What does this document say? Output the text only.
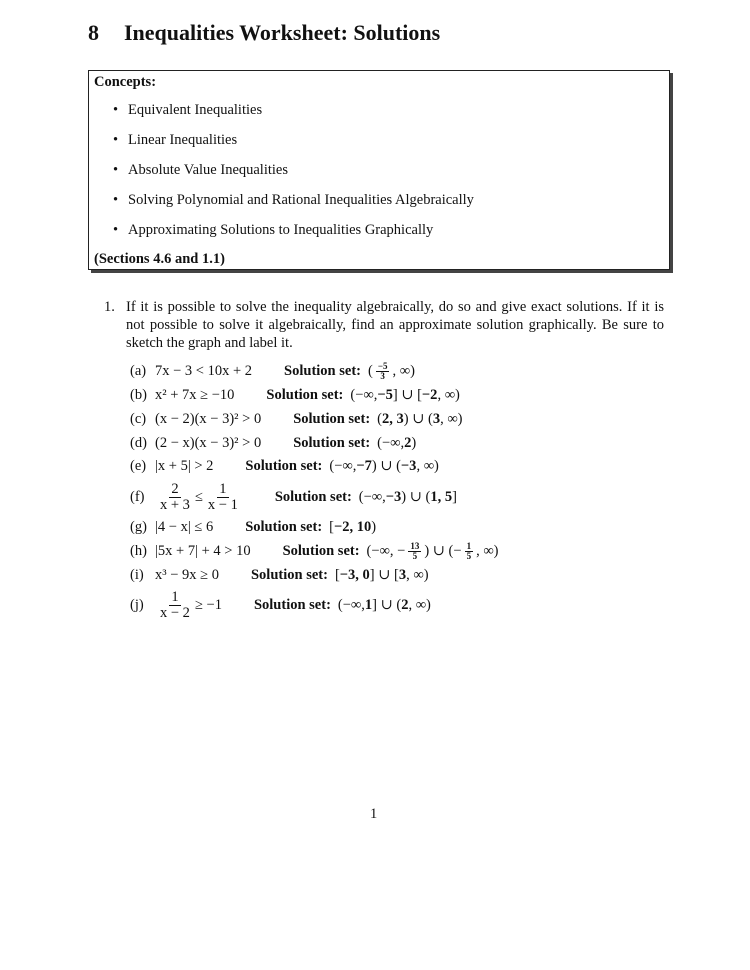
8 Inequalities Worksheet: Solutions
Concepts:
• Equivalent Inequalities
• Linear Inequalities
• Absolute Value Inequalities
• Solving Polynomial and Rational Inequalities Algebraically
• Approximating Solutions to Inequalities Graphically
(Sections 4.6 and 1.1)
1. If it is possible to solve the inequality algebraically, do so and give exact solutions. If it is not possible to solve it algebraically, find an approximate solution graphically. Be sure to sketch the graph and label it.
(a) 7x − 3 < 10x + 2 Solution set: ( $\frac{-5}{3}$ , ∞)
(b) x² + 7x ≥ −10 Solution set: (−∞, −5 ] ∪ [ −2 , ∞)
(c) (x − 2)(x − 3)² > 0 Solution set: ( 2, 3 ) ∪ ( 3 , ∞)
(d) (2 − x)(x − 3)² > 0 Solution set: (−∞, 2 )
(e) |x + 5| > 2 Solution set: (−∞, −7 ) ∪ ( −3 , ∞)
$(f) \frac{2}{x + 3} \le \frac{1}{x - 1}$ Solution set: (−∞, −3 ) ∪ ( 1, 5 ]
(g) |4 − x| ≤ 6 Solution set: [ −2, 10 )
(h) |5x + 7| + 4 > 10 Solution set: (−∞, − $\frac{13}{5}$ ) ∪ (− $\frac{1}{5}$ , ∞)
(i) x³ − 9x ≥ 0 Solution set: [ −3, 0 ] ∪ [ 3 , ∞)
$(j) \frac{1}{x - 2} \ge -1$ Solution set: (−∞, 1 ] ∪ ( 2 , ∞)
1
